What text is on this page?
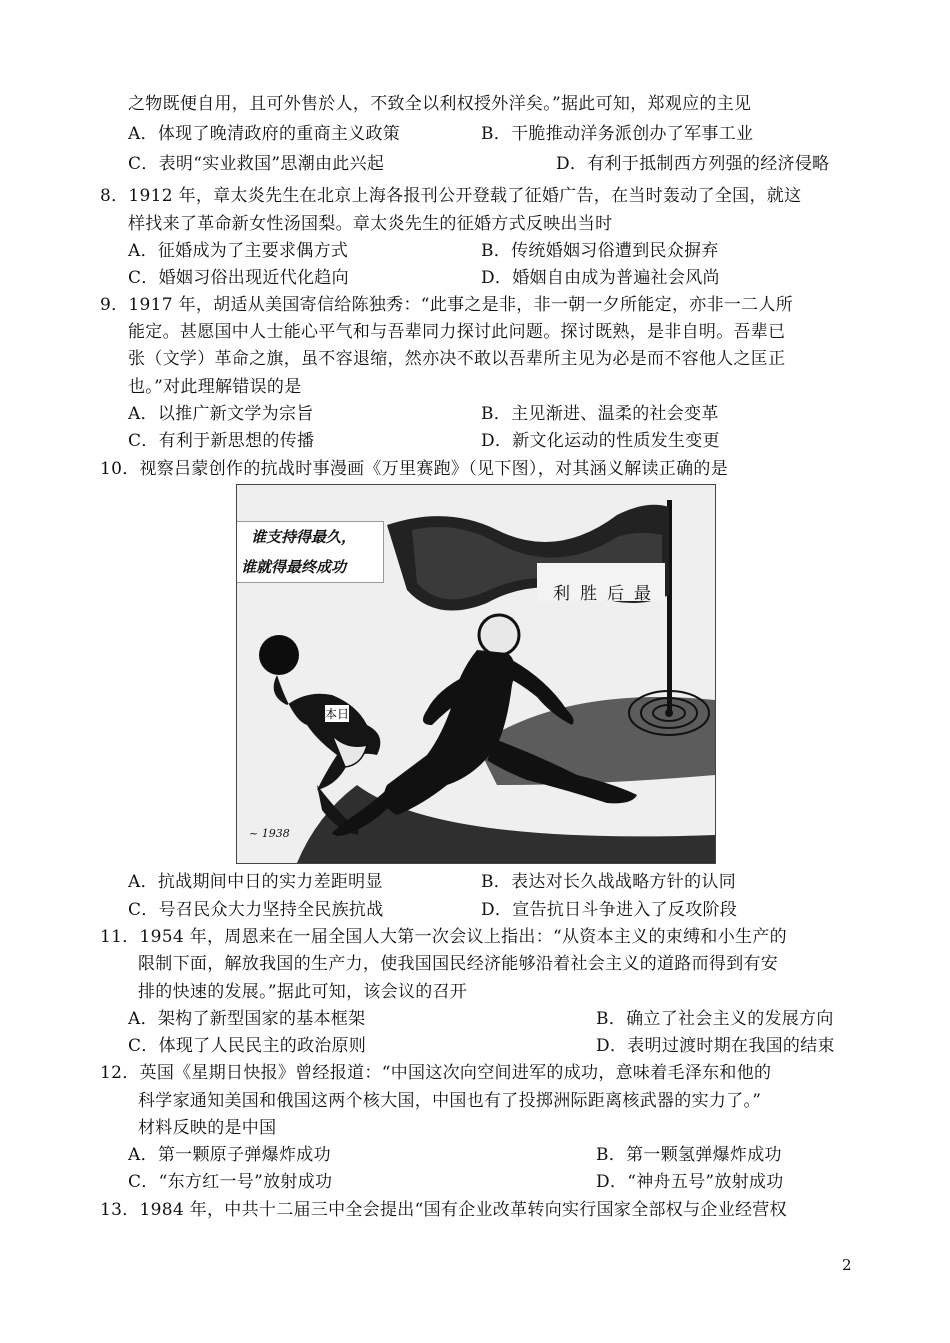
之物既便自用，且可外售於人，不致全以利权授外洋矣。”据此可知，郑观应的主见
A．体现了晚清政府的重商主义政策	B．干脆推动洋务派创办了军事工业
C．表明“实业救国”思潮由此兴起	D．有利于抵制西方列强的经济侵略
8．1912 年，章太炎先生在北京上海各报刊公开登载了征婚广告，在当时轰动了全国，就这
样找来了革命新女性汤国梨。章太炎先生的征婚方式反映出当时
A．征婚成为了主要求偶方式	B．传统婚姻习俗遭到民众摒弃
C．婚姻习俗出现近代化趋向	D．婚姻自由成为普遍社会风尚
9．1917 年，胡适从美国寄信给陈独秀：“此事之是非，非一朝一夕所能定，亦非一二人所
能定。甚愿国中人士能心平气和与吾辈同力探讨此问题。探讨既熟，是非自明。吾辈已
张（文学）革命之旗，虽不容退缩，然亦决不敢以吾辈所主见为必是而不容他人之匡正
也。”对此理解错误的是
A．以推广新文学为宗旨	B．主见渐进、温柔的社会变革
C．有利于新思想的传播	D．新文化运动的性质发生变更
10．视察吕蒙创作的抗战时事漫画《万里赛跑》（见下图），对其涵义解读正确的是
~ 1938
谁支持得最久，
谁就得最终成功
利胜后最
国中
本日
A．抗战期间中日的实力差距明显	B．表达对长久战战略方针的认同
C．号召民众大力坚持全民族抗战	D．宣告抗日斗争进入了反攻阶段
11．1954 年，周恩来在一届全国人大第一次会议上指出：“从资本主义的束缚和小生产的
限制下面，解放我国的生产力，使我国国民经济能够沿着社会主义的道路而得到有安
排的快速的发展。”据此可知，该会议的召开
A．架构了新型国家的基本框架	B．确立了社会主义的发展方向
C．体现了人民民主的政治原则	D．表明过渡时期在我国的结束
12．英国《星期日快报》曾经报道：“中国这次向空间进军的成功，意味着毛泽东和他的
科学家通知美国和俄国这两个核大国，中国也有了投掷洲际距离核武器的实力了。”
材料反映的是中国
A．第一颗原子弹爆炸成功	B．第一颗氢弹爆炸成功
C．“东方红一号”放射成功	D．“神舟五号”放射成功
13．1984 年，中共十二届三中全会提出“国有企业改革转向实行国家全部权与企业经营权
2
